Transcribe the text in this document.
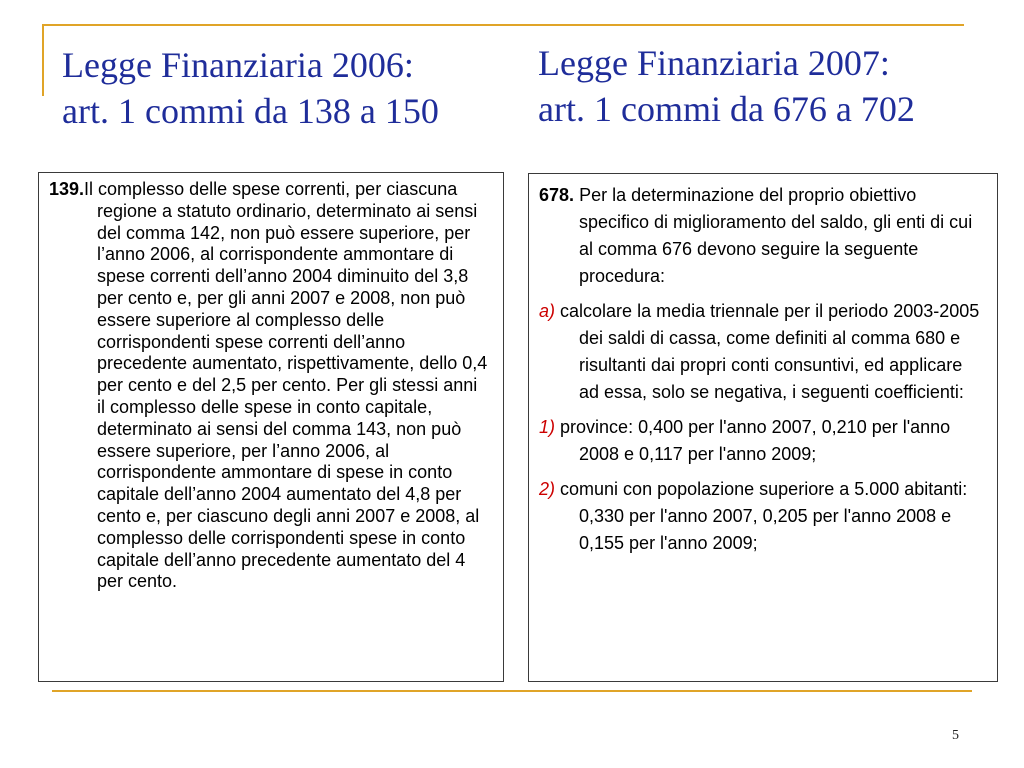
Legge Finanziaria 2006:
art. 1 commi da 138 a 150
Legge Finanziaria 2007:
art. 1 commi da 676 a 702

139.Il complesso delle spese correnti, per ciascuna regione a statuto ordinario, determinato ai sensi del comma 142, non può essere superiore, per l’anno 2006, al corrispondente ammontare di spese correnti dell’anno 2004 diminuito del 3,8 per cento e, per gli anni 2007 e 2008, non può essere superiore al complesso delle corrispondenti spese correnti dell’anno precedente aumentato, rispettivamente, dello 0,4 per cento e del 2,5 per cento. Per gli stessi anni il complesso delle spese in conto capitale, determinato ai sensi del comma 143, non può essere superiore, per l’anno 2006, al corrispondente ammontare di spese in conto capitale dell’anno 2004 aumentato del 4,8 per cento e, per ciascuno degli anni 2007 e 2008, al complesso delle corrispondenti spese in conto capitale dell’anno precedente aumentato del 4 per cento.

678. Per la determinazione del proprio obiettivo specifico di miglioramento del saldo, gli enti di cui al comma 676 devono seguire la seguente procedura:

a) calcolare la media triennale per il periodo 2003-2005 dei saldi di cassa, come definiti al comma 680 e risultanti dai propri conti consuntivi, ed applicare ad essa, solo se negativa, i seguenti coefficienti:

1) province: 0,400 per l'anno 2007, 0,210 per l'anno 2008 e 0,117 per l'anno 2009;

2) comuni con popolazione superiore a 5.000 abitanti: 0,330 per l'anno 2007, 0,205 per l'anno 2008 e 0,155 per l'anno 2009;

5
